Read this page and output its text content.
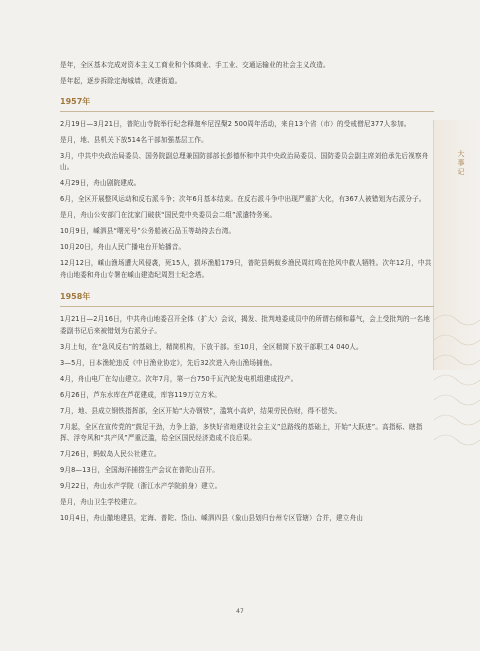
大事记

是年，全区基本完成对资本主义工商业和个体商业、手工业、交通运输业的社会主义改造。

是年起，逐步拆除定海城墙，改建街道。

1957年

2月19日—3月21日，普陀山寺院举行纪念释迦牟尼涅槃2 500周年活动，来自13个省（市）的受戒僧尼377人参加。

是月，地、县机关下放514名干部加强基层工作。

3月，中共中央政治局委员、国务院副总理兼国防部部长彭德怀和中共中央政治局委员、国防委员会副主席刘伯承先后视察舟山。

4月29日，舟山剧院建成。

6月，全区开展整风运动和反右派斗争；次年6月基本结束。在反右派斗争中出现严重扩大化，有367人被错划为右派分子。

是月，舟山公安部门在沈家门破获“国民党中央委员会二组”派遣特务案。

10月9日，嵊泗县“曙光号”公务船被石品玉等劫持去台湾。

10月20日，舟山人民广播电台开始播音。

12月12日，嵊山渔场遭大风侵袭，死15人，损坏渔船179只，普陀县蚂蚁乡渔民周红鸣在抢风中救人牺牲。次年12月，中共舟山地委和舟山专署在嵊山建造纪周烈士纪念塔。

1958年

1月21日—2月16日，中共舟山地委召开全体（扩大）会议，揭发、批判地委成员中的所谓右倾和暮气，会上受批判的一名地委副书记后来被错划为右派分子。

3月上旬，在“急风反右”的基础上，精简机构，下放干部。至10月，全区精简下放干部职工4 040人。

3—5月，日本渔轮违反《中日渔业协定》，先后32次进入舟山渔场捕鱼。

4月，舟山电厂在勾山建立。次年7月，第一台750千瓦汽轮发电机组建成投产。

6月26日，芦东水库在芦花建成，库容119万立方米。

7月，地、县成立钢铁指挥部，全区开始“大办钢铁”，滥筑小高炉，结果劳民伤财，得不偿失。

7月起，全区在宣传党的“鼓足干劲，力争上游，多快好省地建设社会主义”总路线的基础上，开始“大跃进”。高指标、瞎指挥、浮夸风和“共产风”严重泛滥，给全区国民经济造成不良后果。

7月26日，蚂蚁岛人民公社建立。

9月8—13日，全国海洋捕捞生产会议在普陀山召开。

9月22日，舟山水产学院（浙江水产学院前身）建立。

是月，舟山卫生学校建立。

10月4日，舟山撤地建县，定海、普陀、岱山、嵊泗四县（象山县划归台州专区管辖）合并，建立舟山

47
